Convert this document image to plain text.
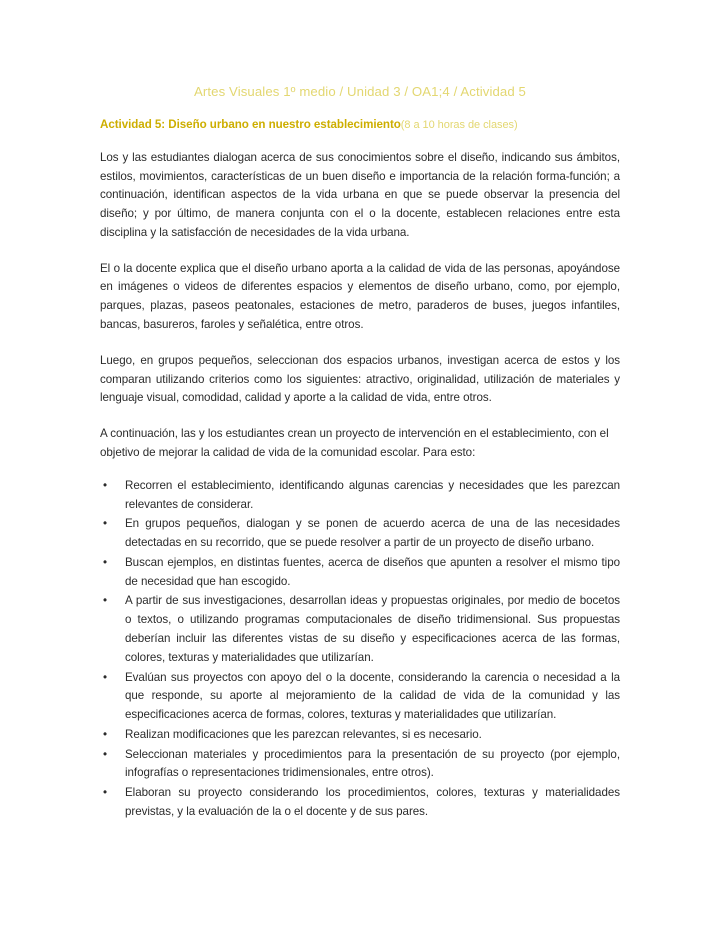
Artes Visuales 1º medio / Unidad 3 / OA1;4 / Actividad 5

Actividad 5: Diseño urbano en nuestro establecimiento(8 a 10 horas de clases)

Los y las estudiantes dialogan acerca de sus conocimientos sobre el diseño, indicando sus ámbitos, estilos, movimientos, características de un buen diseño e importancia de la relación forma-función; a continuación, identifican aspectos de la vida urbana en que se puede observar la presencia del diseño; y por último, de manera conjunta con el o la docente, establecen relaciones entre esta disciplina y la satisfacción de necesidades de la vida urbana.

El o la docente explica que el diseño urbano aporta a la calidad de vida de las personas, apoyándose en imágenes o videos de diferentes espacios y elementos de diseño urbano, como, por ejemplo, parques, plazas, paseos peatonales, estaciones de metro, paraderos de buses, juegos infantiles, bancas, basureros, faroles y señalética, entre otros.

Luego, en grupos pequeños, seleccionan dos espacios urbanos, investigan acerca de estos y los comparan utilizando criterios como los siguientes: atractivo, originalidad, utilización de materiales y lenguaje visual, comodidad, calidad y aporte a la calidad de vida, entre otros.

A continuación, las y los estudiantes crean un proyecto de intervención en el establecimiento, con el objetivo de mejorar la calidad de vida de la comunidad escolar. Para esto:

• Recorren el establecimiento, identificando algunas carencias y necesidades que les parezcan relevantes de considerar.
• En grupos pequeños, dialogan y se ponen de acuerdo acerca de una de las necesidades detectadas en su recorrido, que se puede resolver a partir de un proyecto de diseño urbano.
• Buscan ejemplos, en distintas fuentes, acerca de diseños que apunten a resolver el mismo tipo de necesidad que han escogido.
• A partir de sus investigaciones, desarrollan ideas y propuestas originales, por medio de bocetos o textos, o utilizando programas computacionales de diseño tridimensional. Sus propuestas deberían incluir las diferentes vistas de su diseño y especificaciones acerca de las formas, colores, texturas y materialidades que utilizarían.
• Evalúan sus proyectos con apoyo del o la docente, considerando la carencia o necesidad a la que responde, su aporte al mejoramiento de la calidad de vida de la comunidad y las especificaciones acerca de formas, colores, texturas y materialidades que utilizarían.
• Realizan modificaciones que les parezcan relevantes, si es necesario.
• Seleccionan materiales y procedimientos para la presentación de su proyecto (por ejemplo, infografías o representaciones tridimensionales, entre otros).
• Elaboran su proyecto considerando los procedimientos, colores, texturas y materialidades previstas, y la evaluación de la o el docente y de sus pares.
